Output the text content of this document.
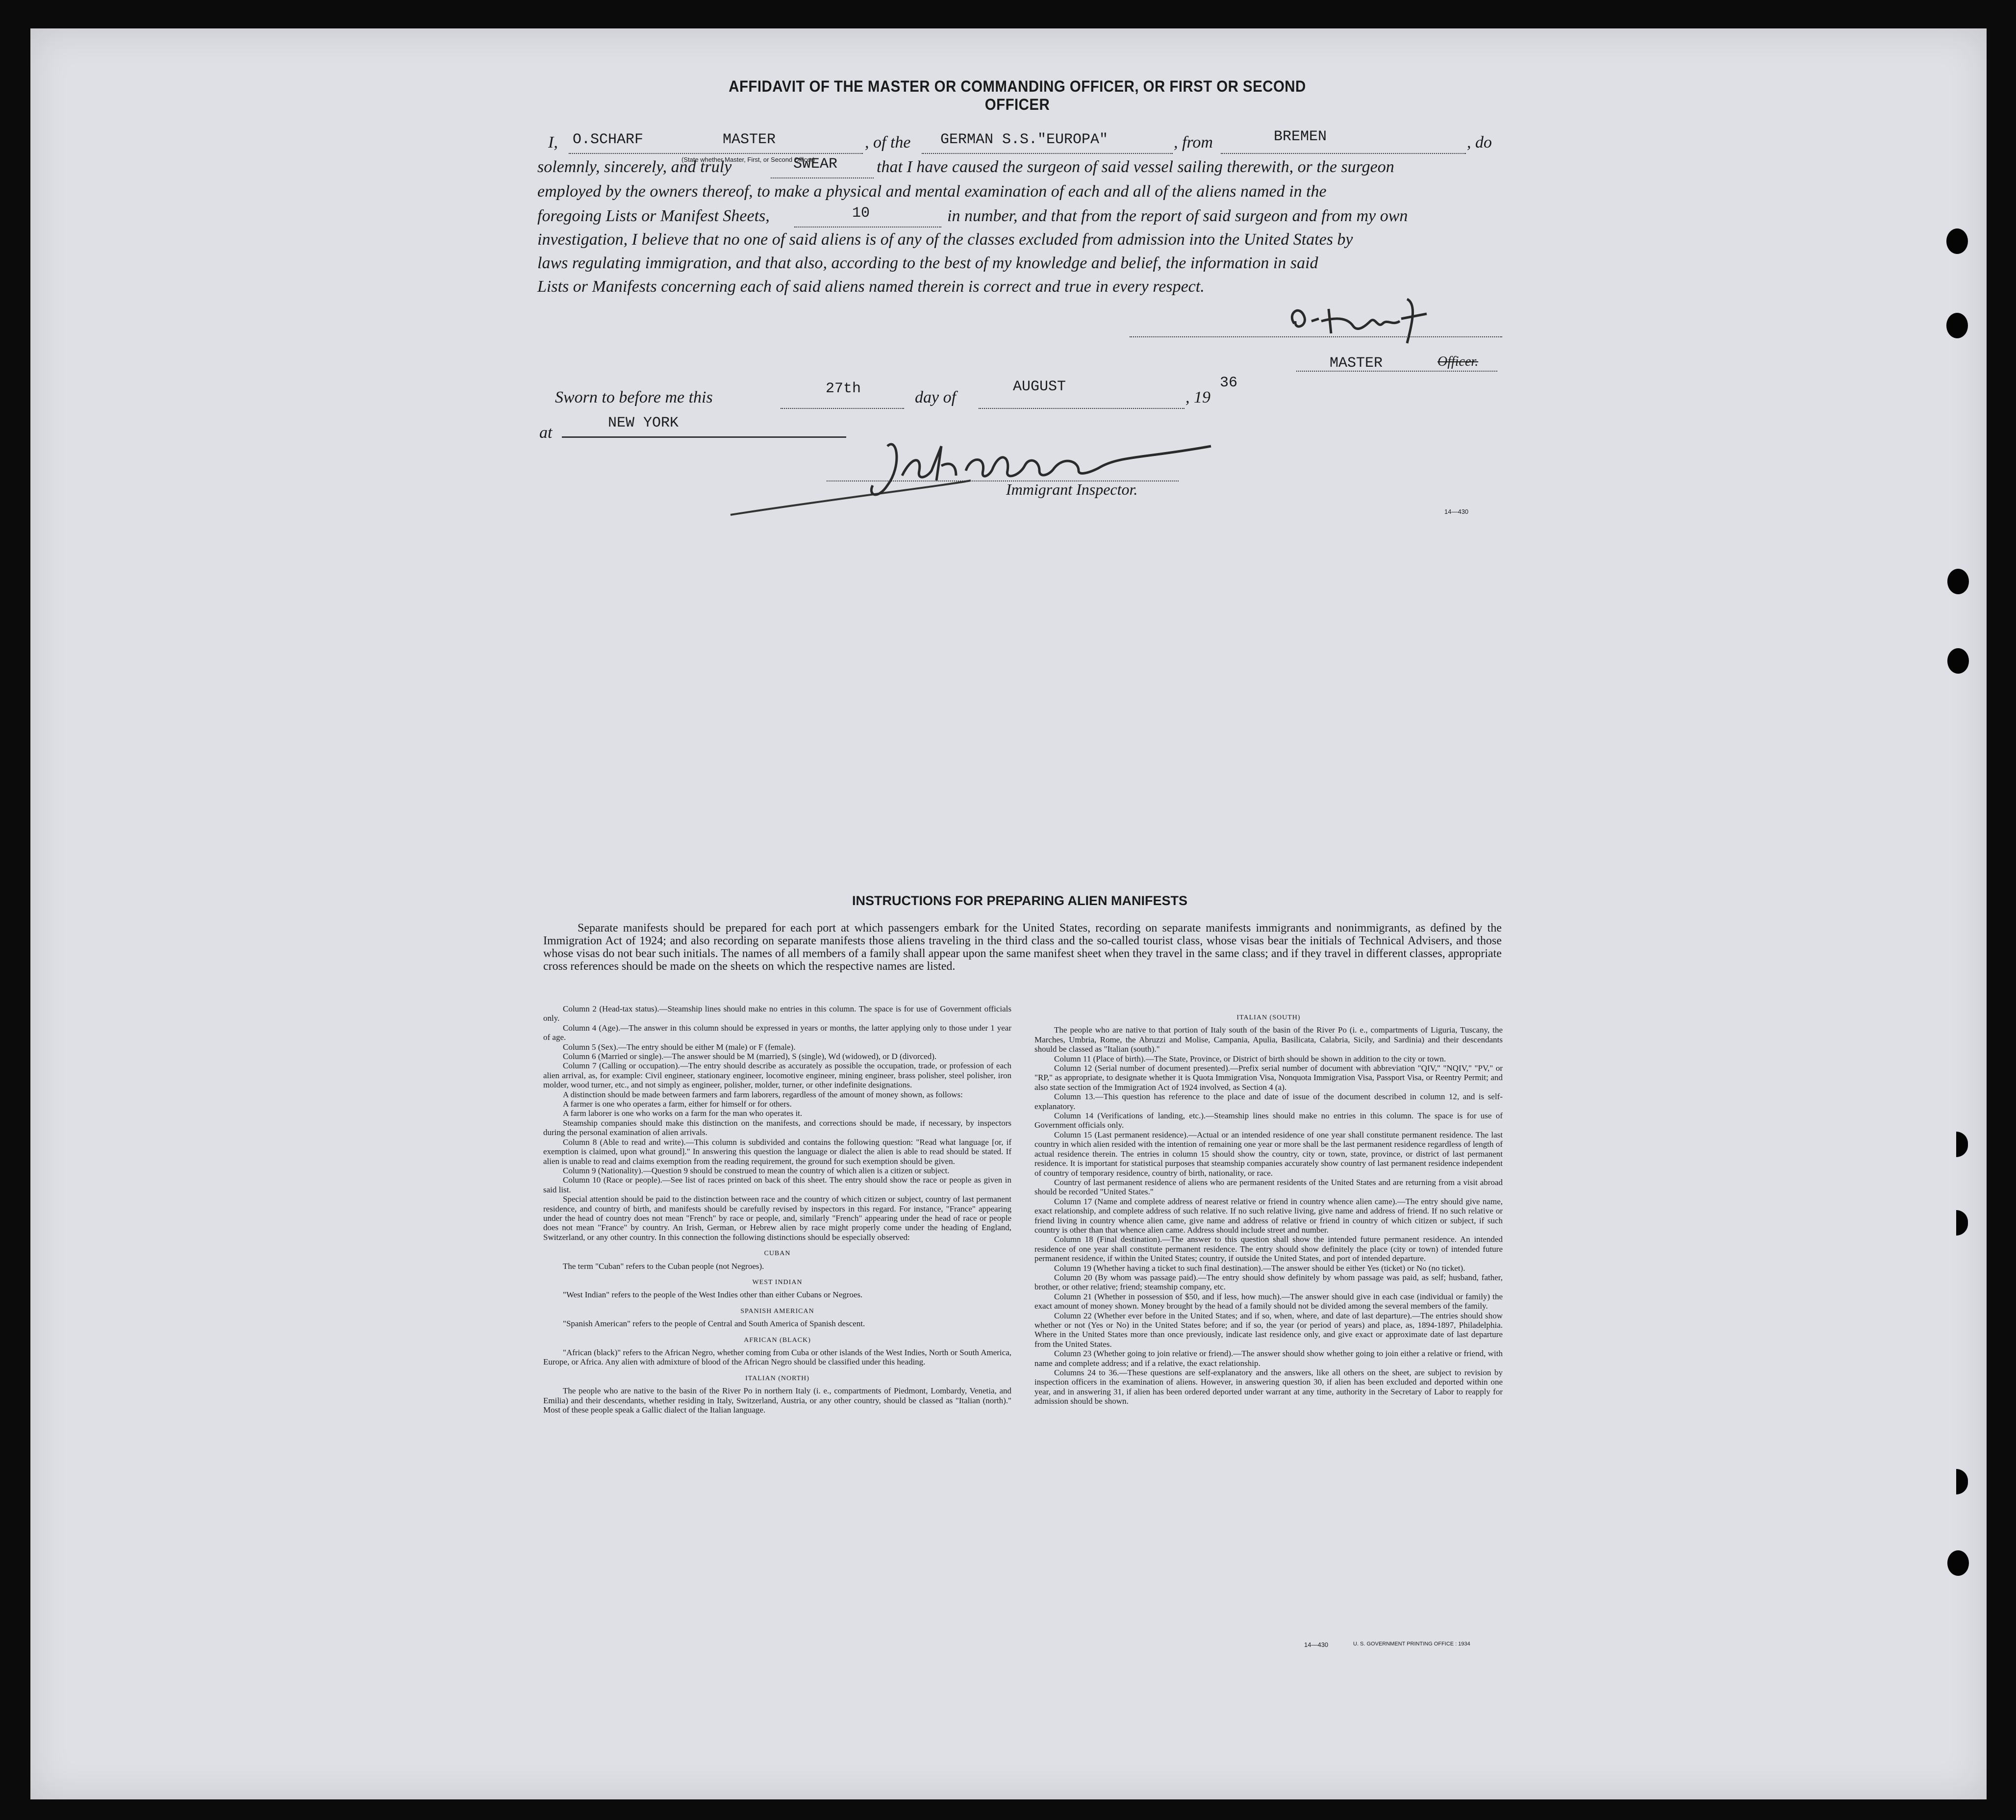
AFFIDAVIT OF THE MASTER OR COMMANDING OFFICER, OR FIRST OR SECOND OFFICER
I, O.SCHARF	MASTER
(State whether Master, First, or Second Officer)
, of the GERMAN S.S."EUROPA"	, from	BREMEN	, do
solemnly, sincerely, and truly	SWEAR that I have caused the surgeon of said vessel sailing therewith, or the surgeon
employed by the owners thereof, to make a physical and mental examination of each and all of the aliens named in the
foregoing Lists or Manifest Sheets,	10	in number, and that from the report of said surgeon and from my own
investigation, I believe that no one of said aliens is of any of the classes excluded from admission into the United States by
laws regulating immigration, and that also, according to the best of my knowledge and belief, the information in said
Lists or Manifests concerning each of said aliens named therein is correct and true in every respect.
MASTER	Officer.
Sworn to before me this	27th	day of
AUGUST
, 19
36
at
NEW YORK
Immigrant Inspector.
14—430
INSTRUCTIONS FOR PREPARING ALIEN MANIFESTS
Separate manifests should be prepared for each port at which passengers embark for the United States, recording on separate manifests immigrants and nonimmigrants, as defined by the Immigration Act of 1924; and also recording on separate manifests those aliens traveling in the third class and the so-called tourist class, whose visas bear the initials of Technical Advisers, and those whose visas do not bear such initials. The names of all members of a family shall appear upon the same manifest sheet when they travel in the same class; and if they travel in different classes, appropriate cross references should be made on the sheets on which the respective names are listed.

Column 2 (Head-tax status).—Steamship lines should make no entries in this column. The space is for use of Government officials only.

Column 4 (Age).—The answer in this column should be expressed in years or months, the latter applying only to those under 1 year of age.

Column 5 (Sex).—The entry should be either M (male) or F (female).

Column 6 (Married or single).—The answer should be M (married), S (single), Wd (widowed), or D (divorced).

Column 7 (Calling or occupation).—The entry should describe as accurately as possible the occupation, trade, or profession of each alien arrival, as, for example: Civil engineer, stationary engineer, locomotive engineer, mining engineer, brass polisher, steel polisher, iron molder, wood turner, etc., and not simply as engineer, polisher, molder, turner, or other indefinite designations.

A distinction should be made between farmers and farm laborers, regardless of the amount of money shown, as follows:

A farmer is one who operates a farm, either for himself or for others.

A farm laborer is one who works on a farm for the man who operates it.

Steamship companies should make this distinction on the manifests, and corrections should be made, if necessary, by inspectors during the personal examination of alien arrivals.

Column 8 (Able to read and write).—This column is subdivided and contains the following question: "Read what language [or, if exemption is claimed, upon what ground]." In answering this question the language or dialect the alien is able to read should be stated. If alien is unable to read and claims exemption from the reading requirement, the ground for such exemption should be given.

Column 9 (Nationality).—Question 9 should be construed to mean the country of which alien is a citizen or subject.

Column 10 (Race or people).—See list of races printed on back of this sheet. The entry should show the race or people as given in said list.

Special attention should be paid to the distinction between race and the country of which citizen or subject, country of last permanent residence, and country of birth, and manifests should be carefully revised by inspectors in this regard. For instance, "France" appearing under the head of country does not mean "French" by race or people, and, similarly "French" appearing under the head of race or people does not mean "France" by country. An Irish, German, or Hebrew alien by race might properly come under the heading of England, Switzerland, or any other country. In this connection the following distinctions should be especially observed:

CUBAN

The term "Cuban" refers to the Cuban people (not Negroes).

WEST INDIAN

"West Indian" refers to the people of the West Indies other than either Cubans or Negroes.

SPANISH AMERICAN

"Spanish American" refers to the people of Central and South America of Spanish descent.

AFRICAN (BLACK)

"African (black)" refers to the African Negro, whether coming from Cuba or other islands of the West Indies, North or South America, Europe, or Africa. Any alien with admixture of blood of the African Negro should be classified under this heading.

ITALIAN (NORTH)

The people who are native to the basin of the River Po in northern Italy (i. e., compartments of Piedmont, Lombardy, Venetia, and Emilia) and their descendants, whether residing in Italy, Switzerland, Austria, or any other country, should be classed as "Italian (north)." Most of these people speak a Gallic dialect of the Italian language.

ITALIAN (SOUTH)

The people who are native to that portion of Italy south of the basin of the River Po (i. e., compartments of Liguria, Tuscany, the Marches, Umbria, Rome, the Abruzzi and Molise, Campania, Apulia, Basilicata, Calabria, Sicily, and Sardinia) and their descendants should be classed as "Italian (south)."

Column 11 (Place of birth).—The State, Province, or District of birth should be shown in addition to the city or town.

Column 12 (Serial number of document presented).—Prefix serial number of document with abbreviation "QIV," "NQIV," "PV," or "RP," as appropriate, to designate whether it is Quota Immigration Visa, Nonquota Immigration Visa, Passport Visa, or Reentry Permit; and also state section of the Immigration Act of 1924 involved, as Section 4 (a).

Column 13.—This question has reference to the place and date of issue of the document described in column 12, and is self-explanatory.

Column 14 (Verifications of landing, etc.).—Steamship lines should make no entries in this column. The space is for use of Government officials only.

Column 15 (Last permanent residence).—Actual or an intended residence of one year shall constitute permanent residence. The last country in which alien resided with the intention of remaining one year or more shall be the last permanent residence regardless of length of actual residence therein. The entries in column 15 should show the country, city or town, state, province, or district of last permanent residence. It is important for statistical purposes that steamship companies accurately show country of last permanent residence independent of country of temporary residence, country of birth, nationality, or race.

Country of last permanent residence of aliens who are permanent residents of the United States and are returning from a visit abroad should be recorded "United States."

Column 17 (Name and complete address of nearest relative or friend in country whence alien came).—The entry should give name, exact relationship, and complete address of such relative. If no such relative living, give name and address of friend. If no such relative or friend living in country whence alien came, give name and address of relative or friend in country of which citizen or subject, if such country is other than that whence alien came. Address should include street and number.

Column 18 (Final destination).—The answer to this question shall show the intended future permanent residence. An intended residence of one year shall constitute permanent residence. The entry should show definitely the place (city or town) of intended future permanent residence, if within the United States; country, if outside the United States, and port of intended departure.

Column 19 (Whether having a ticket to such final destination).—The answer should be either Yes (ticket) or No (no ticket).

Column 20 (By whom was passage paid).—The entry should show definitely by whom passage was paid, as self; husband, father, brother, or other relative; friend; steamship company, etc.

Column 21 (Whether in possession of $50, and if less, how much).—The answer should give in each case (individual or family) the exact amount of money shown. Money brought by the head of a family should not be divided among the several members of the family.

Column 22 (Whether ever before in the United States; and if so, when, where, and date of last departure).—The entries should show whether or not (Yes or No) in the United States before; and if so, the year (or period of years) and place, as, 1894-1897, Philadelphia. Where in the United States more than once previously, indicate last residence only, and give exact or approximate date of last departure from the United States.

Column 23 (Whether going to join relative or friend).—The answer should show whether going to join either a relative or friend, with name and complete address; and if a relative, the exact relationship.

Columns 24 to 36.—These questions are self-explanatory and the answers, like all others on the sheet, are subject to revision by inspection officers in the examination of aliens. However, in answering question 30, if alien has been excluded and deported within one year, and in answering 31, if alien has been ordered deported under warrant at any time, authority in the Secretary of Labor to reapply for admission should be shown.

14—430	U. S. GOVERNMENT PRINTING OFFICE : 1934
